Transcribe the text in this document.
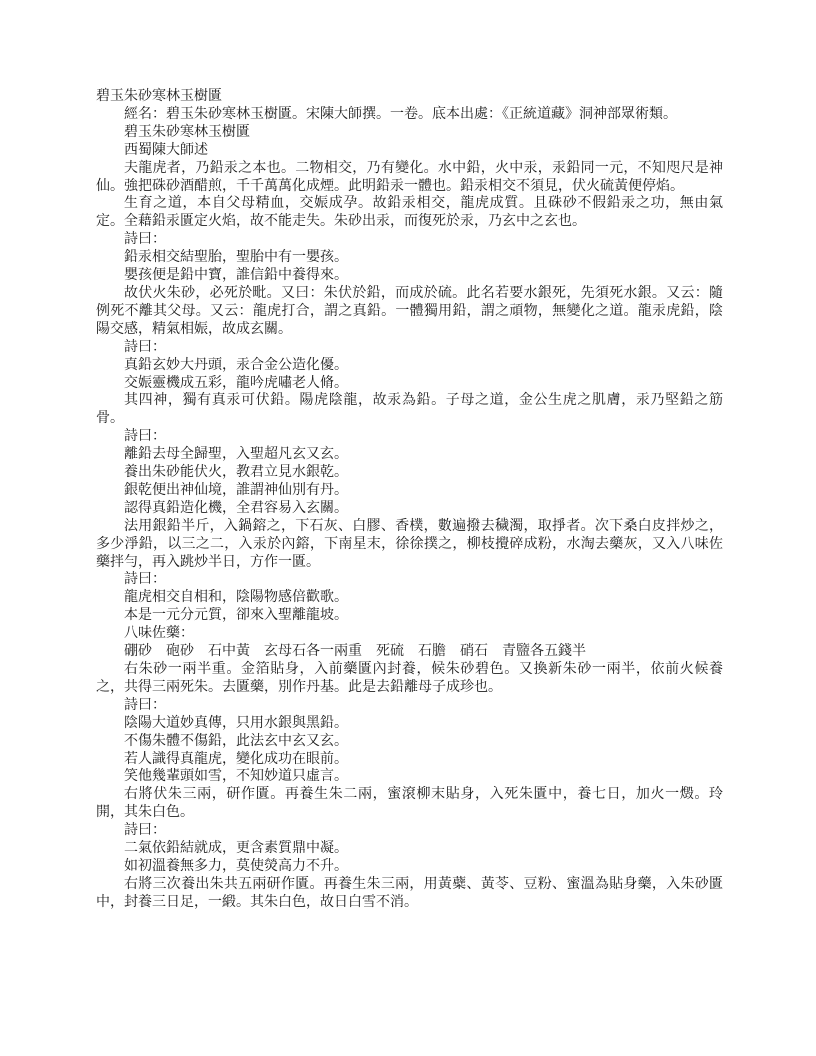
碧玉朱砂寒林玉樹匱

經名：碧玉朱砂寒林玉樹匱。宋陳大師撰。一卷。底本出處：《正統道藏》洞神部眾術類。

碧玉朱砂寒林玉樹匱

西蜀陳大師述

夫龍虎者，乃鉛汞之本也。二物相交，乃有變化。水中鉛，火中汞，汞鉛同一元，不知咫尺是神仙。強把硃砂酒醋煎，千千萬萬化成煙。此明鉛汞一體也。鉛汞相交不須見，伏火硫黃便停焰。

生育之道，本自父母精血，交娠成孕。故鉛汞相交，龍虎成質。且硃砂不假鉛汞之功，無由氣定。全藉鉛汞匱定火焰，故不能走失。朱砂出汞，而復死於汞，乃玄中之玄也。

詩曰：

鉛汞相交結聖胎，聖胎中有一嬰孩。

嬰孩便是鉛中寶，誰信鉛中養得來。

故伏火朱砂，必死於毗。又曰：朱伏於鉛，而成於硫。此名若要水銀死，先須死水銀。又云：隨例死不離其父母。又云：龍虎打合，謂之真鉛。一體獨用鉛，謂之頑物，無變化之道。龍汞虎鉛，陰陽交感，精氣相娠，故成玄關。

詩曰：

真鉛玄妙大丹頭，汞合金公造化優。

交娠靈機成五彩，龍吟虎嘯老人脩。

其四神，獨有真汞可伏鉛。陽虎陰龍，故汞為鉛。子母之道，金公生虎之肌膚，汞乃堅鉛之筋骨。

詩曰：

離鉛去母全歸聖，入聖超凡玄又玄。

養出朱砂能伏火，教君立見水銀乾。

銀乾便出神仙境，誰謂神仙別有丹。

認得真鉛造化機，全君容易入玄關。

法用銀鉛半斤，入鍋鎔之，下石灰、白膠、香樸，數遍撥去穢濁，取掙者。次下桑白皮拌炒之，多少淨鉛，以三之二，入汞於內鎔，下南星末，徐徐撲之，柳枝攪碎成粉，水淘去藥灰，又入八味佐藥拌勻，再入跳炒半日，方作一匱。

詩曰：

龍虎相交自相和，陰陽物感倍歡歌。

本是一元分元質，卻來入聖離龍坡。

八味佐藥：

硼砂　砲砂　石中黃　玄母石各一兩重　死硫　石膽　硝石　青盬各五錢半

右朱砂一兩半重。金箔貼身，入前藥匱內封養，候朱砂碧色。又換新朱砂一兩半，依前火候養之，共得三兩死朱。去匱藥，別作丹基。此是去鉛離母子成珍也。

詩曰：

陰陽大道妙真傳，只用水銀與黑鉛。

不傷朱體不傷鉛，此法玄中玄又玄。

若人識得真龍虎，變化成功在眼前。

笑他幾輩頭如雪，不知妙道只虛言。

右將伏朱三兩，研作匱。再養生朱二兩，蜜滾柳末貼身，入死朱匱中，養七日，加火一燬。玲開，其朱白色。

詩曰：

二氣依鉛結就成，更含素質鼎中凝。

如初溫養無多力，莫使熒高力不升。

右將三次養出朱共五兩研作匱。再養生朱三兩，用黃蘗、黃苓、豆粉、蜜溫為貼身藥，入朱砂匱中，封養三日足，一緞。其朱白色，故日白雪不消。
